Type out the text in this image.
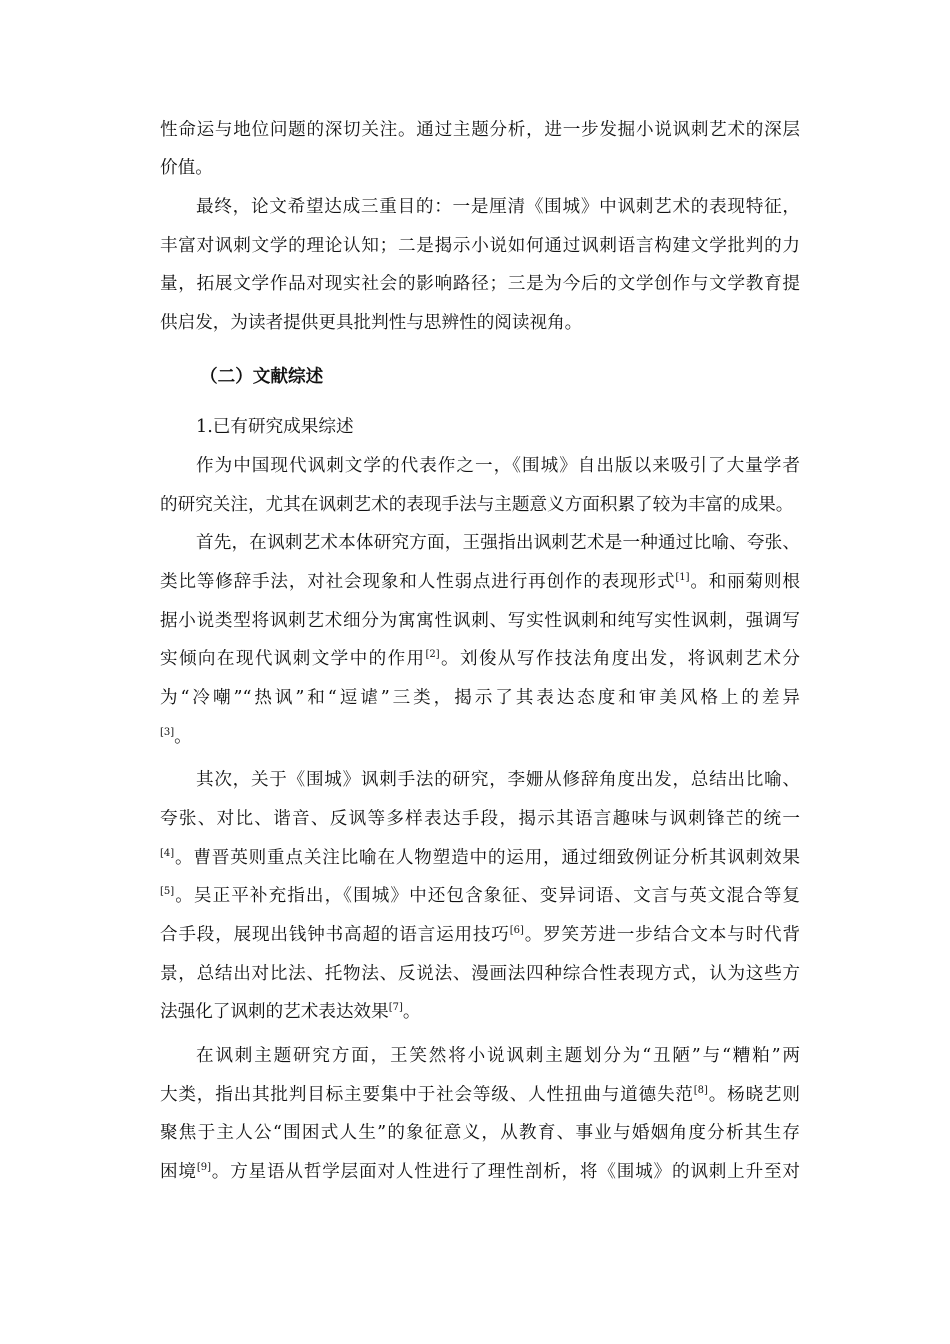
性命运与地位问题的深切关注。通过主题分析，进一步发掘小说讽刺艺术的深层
价值。
最终，论文希望达成三重目的：一是厘清《围城》中讽刺艺术的表现特征，
丰富对讽刺文学的理论认知；二是揭示小说如何通过讽刺语言构建文学批判的力
量，拓展文学作品对现实社会的影响路径；三是为今后的文学创作与文学教育提
供启发，为读者提供更具批判性与思辨性的阅读视角。
（二）文献综述
1.已有研究成果综述
作为中国现代讽刺文学的代表作之一，《围城》自出版以来吸引了大量学者
的研究关注，尤其在讽刺艺术的表现手法与主题意义方面积累了较为丰富的成果。
首先，在讽刺艺术本体研究方面，王强指出讽刺艺术是一种通过比喻、夸张、
类比等修辞手法，对社会现象和人性弱点进行再创作的表现形式[1]。和丽菊则根
据小说类型将讽刺艺术细分为寓寓性讽刺、写实性讽刺和纯写实性讽刺，强调写
实倾向在现代讽刺文学中的作用[2]。刘俊从写作技法角度出发，将讽刺艺术分
为“冷嘲”“热讽”和“逗谑”三类，揭示了其表达态度和审美风格上的差异
[3]。
其次，关于《围城》讽刺手法的研究，李姗从修辞角度出发，总结出比喻、
夸张、对比、谐音、反讽等多样表达手段，揭示其语言趣味与讽刺锋芒的统一
[4]。曹晋英则重点关注比喻在人物塑造中的运用，通过细致例证分析其讽刺效果
[5]。吴正平补充指出，《围城》中还包含象征、变异词语、文言与英文混合等复
合手段，展现出钱钟书高超的语言运用技巧[6]。罗笑芳进一步结合文本与时代背
景，总结出对比法、托物法、反说法、漫画法四种综合性表现方式，认为这些方
法强化了讽刺的艺术表达效果[7]。
在讽刺主题研究方面，王笑然将小说讽刺主题划分为“丑陋”与“糟粕”两
大类，指出其批判目标主要集中于社会等级、人性扭曲与道德失范[8]。杨晓艺则
聚焦于主人公“围困式人生”的象征意义，从教育、事业与婚姻角度分析其生存
困境[9]。方星语从哲学层面对人性进行了理性剖析，将《围城》的讽刺上升至对
